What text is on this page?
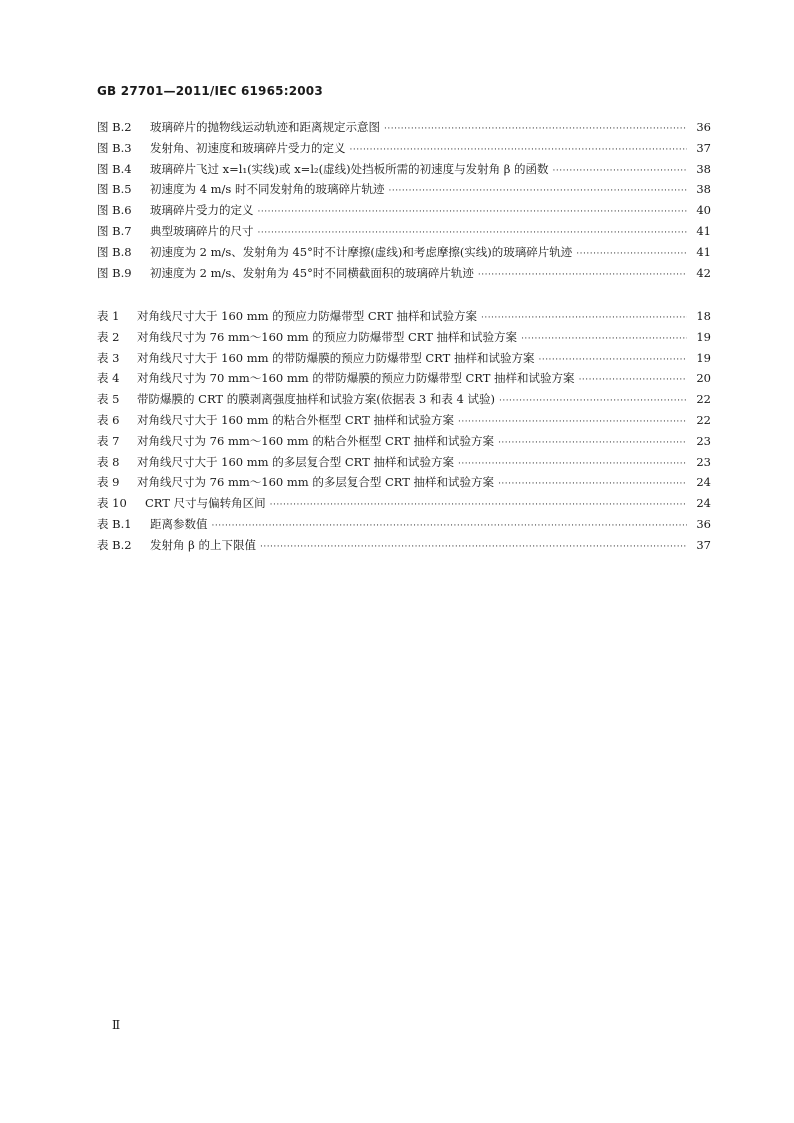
GB 27701—2011/IEC 61965:2003
图 B.2	玻璃碎片的抛物线运动轨迹和距离规定示意图 ·····	36
图 B.3	发射角、初速度和玻璃碎片受力的定义 ·····	37
图 B.4	玻璃碎片飞过 x=l₁(实线)或 x=l₂(虚线)处挡板所需的初速度与发射角 β 的函数 ·····	38
图 B.5	初速度为 4 m/s 时不同发射角的玻璃碎片轨迹 ·····	38
图 B.6	玻璃碎片受力的定义 ·····	40
图 B.7	典型玻璃碎片的尺寸 ·····	41
图 B.8	初速度为 2 m/s、发射角为 45°时不计摩擦(虚线)和考虑摩擦(实线)的玻璃碎片轨迹 ·····	41
图 B.9	初速度为 2 m/s、发射角为 45°时不同横截面积的玻璃碎片轨迹 ·····	42
表 1	对角线尺寸大于 160 mm 的预应力防爆带型 CRT 抽样和试验方案 ·····	18
表 2	对角线尺寸为 76 mm～160 mm 的预应力防爆带型 CRT 抽样和试验方案 ·····	19
表 3	对角线尺寸大于 160 mm 的带防爆膜的预应力防爆带型 CRT 抽样和试验方案 ·····	19
表 4	对角线尺寸为 70 mm～160 mm 的带防爆膜的预应力防爆带型 CRT 抽样和试验方案 ·····	20
表 5	带防爆膜的 CRT 的膜剥离强度抽样和试验方案(依据表 3 和表 4 试验) ·····	22
表 6	对角线尺寸大于 160 mm 的粘合外框型 CRT 抽样和试验方案 ·····	22
表 7	对角线尺寸为 76 mm～160 mm 的粘合外框型 CRT 抽样和试验方案 ·····	23
表 8	对角线尺寸大于 160 mm 的多层复合型 CRT 抽样和试验方案 ·····	23
表 9	对角线尺寸为 76 mm～160 mm 的多层复合型 CRT 抽样和试验方案 ·····	24
表 10	CRT 尺寸与偏转角区间 ·····	24
表 B.1	距离参数值 ·····	36
表 B.2	发射角 β 的上下限值 ·····	37
Ⅱ
